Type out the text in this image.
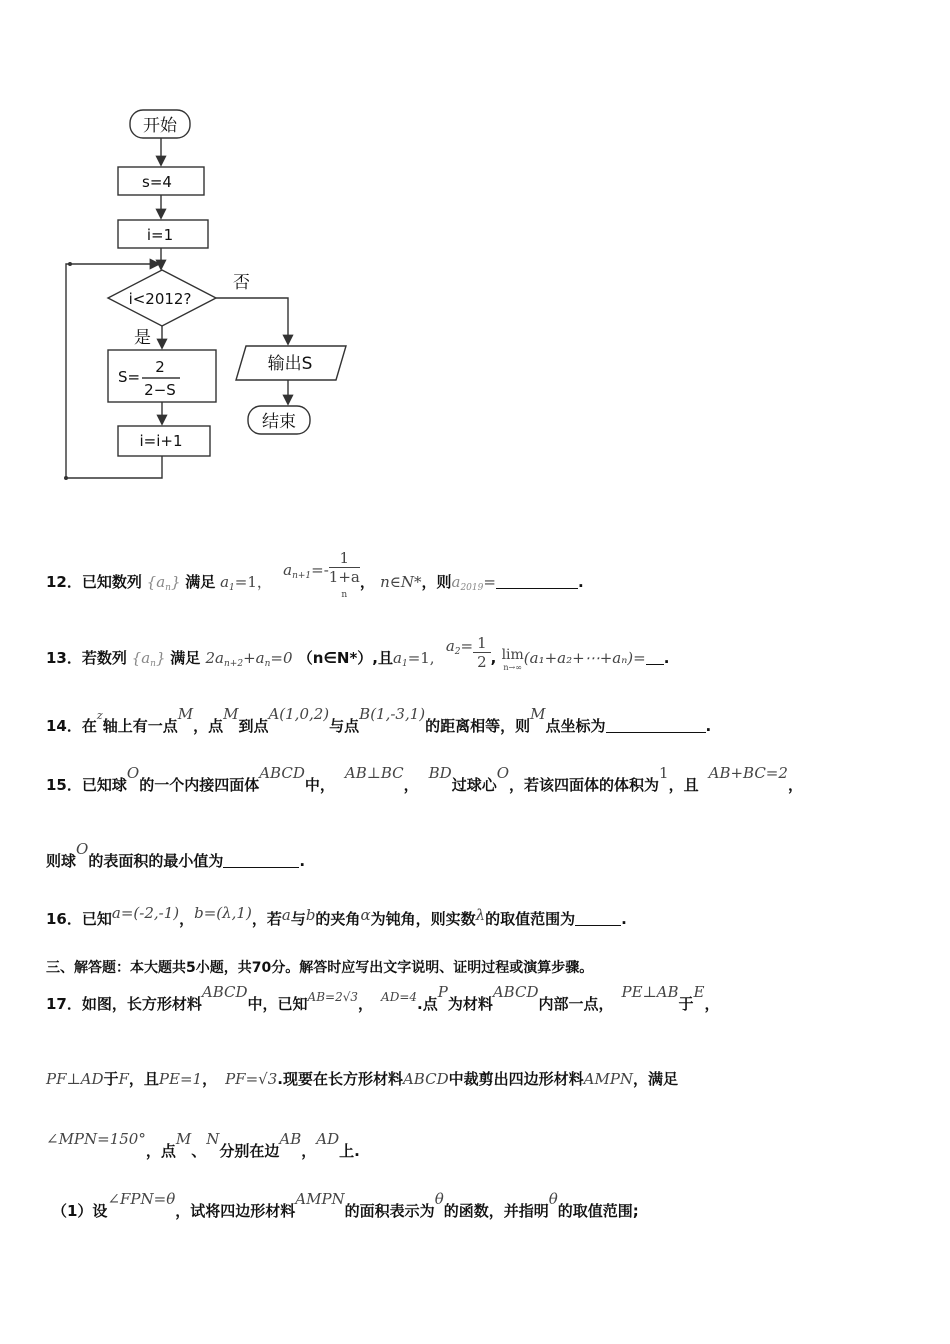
开始
s=4
i=1
i<2012?
否
是
S=
2
2−S
i=i+1
输出S
结束
12．已知数列 $\{a_n\}$ 满足 $a_1=1$， $a_{n+1}=-$ 1
1+a
n ， n∈N*，则$a_{2019}=$	.
13．若数列 $\{a_n\}$ 满足 $2a_{n+2}+a_n=0$ （n∈N*）,且$a_1=1$, $a_2= \frac{1}{2}$ , lim
n→∞ (a₁+a₂+⋯+aₙ)= .
14．在$^z$轴上有一点M，点M到点A(1,0,2)与点B(1,-3,1)的距离相等，则M点坐标为	.
15．已知球O的一个内接四面体ABCD中，AB⊥BC，BD过球心O，若该四面体的体积为1，且AB+BC=2，
则球O的表面积的最小值为	.
16．已知a=(-2,-1)，b=(λ,1)，若a与b的夹角α为钝角，则实数λ的取值范围为	.
三、解答题：本大题共5小题，共70分。解答时应写出文字说明、证明过程或演算步骤。
17．如图，长方形材料ABCD中，已知$^{AB=2√3}$， $^{AD=4}$.点P为材料ABCD内部一点，PE⊥AB于E，
PF⊥AD于F，且PE=1， PF=√3.现要在长方形材料ABCD中裁剪出四边形材料AMPN，满足
∠MPN=150°，点M、N分别在边AB，AD上.
（1）设∠FPN=θ，试将四边形材料AMPN的面积表示为θ的函数，并指明θ的取值范围;
